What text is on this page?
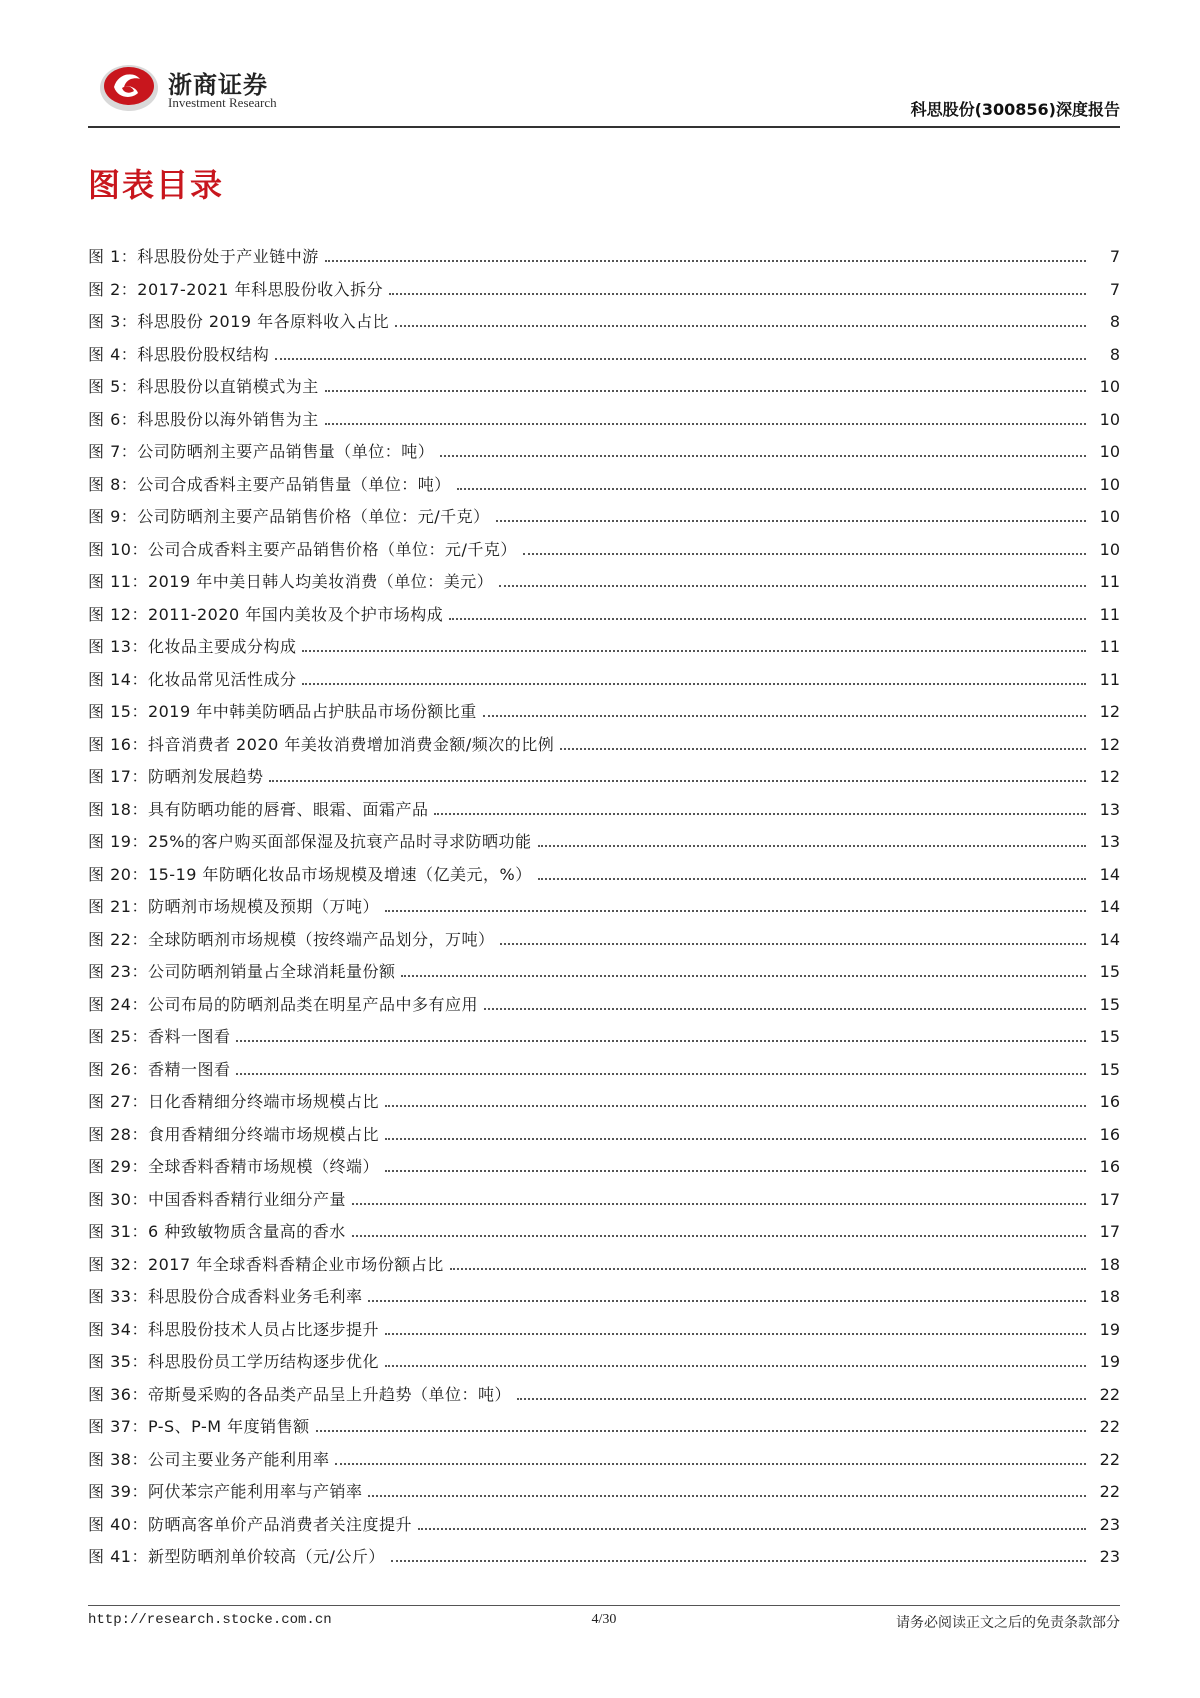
浙商证券
Investment Research	科思股份(300856)深度报告
图表目录
图 1：科思股份处于产业链中游	7
图 2：2017-2021 年科思股份收入拆分	7
图 3：科思股份 2019 年各原料收入占比	8
图 4：科思股份股权结构	8
图 5：科思股份以直销模式为主	10
图 6：科思股份以海外销售为主	10
图 7：公司防晒剂主要产品销售量（单位：吨）	10
图 8：公司合成香料主要产品销售量（单位：吨）	10
图 9：公司防晒剂主要产品销售价格（单位：元/千克）	10
图 10：公司合成香料主要产品销售价格（单位：元/千克）	10
图 11：2019 年中美日韩人均美妆消费（单位：美元）	11
图 12：2011-2020 年国内美妆及个护市场构成	11
图 13：化妆品主要成分构成	11
图 14：化妆品常见活性成分	11
图 15：2019 年中韩美防晒品占护肤品市场份额比重	12
图 16：抖音消费者 2020 年美妆消费增加消费金额/频次的比例	12
图 17：防晒剂发展趋势	12
图 18：具有防晒功能的唇膏、眼霜、面霜产品	13
图 19：25%的客户购买面部保湿及抗衰产品时寻求防晒功能	13
图 20：15-19 年防晒化妆品市场规模及增速（亿美元，%）	14
图 21：防晒剂市场规模及预期（万吨）	14
图 22：全球防晒剂市场规模（按终端产品划分，万吨）	14
图 23：公司防晒剂销量占全球消耗量份额	15
图 24：公司布局的防晒剂品类在明星产品中多有应用	15
图 25：香料一图看	15
图 26：香精一图看	15
图 27：日化香精细分终端市场规模占比	16
图 28：食用香精细分终端市场规模占比	16
图 29：全球香料香精市场规模（终端）	16
图 30：中国香料香精行业细分产量	17
图 31：6 种致敏物质含量高的香水	17
图 32：2017 年全球香料香精企业市场份额占比	18
图 33：科思股份合成香料业务毛利率	18
图 34：科思股份技术人员占比逐步提升	19
图 35：科思股份员工学历结构逐步优化	19
图 36：帝斯曼采购的各品类产品呈上升趋势（单位：吨）	22
图 37：P-S、P-M 年度销售额	22
图 38：公司主要业务产能利用率	22
图 39：阿伏苯宗产能利用率与产销率	22
图 40：防晒高客单价产品消费者关注度提升	23
图 41：新型防晒剂单价较高（元/公斤）	23
http://research.stocke.com.cn	4/30	请务必阅读正文之后的免责条款部分
